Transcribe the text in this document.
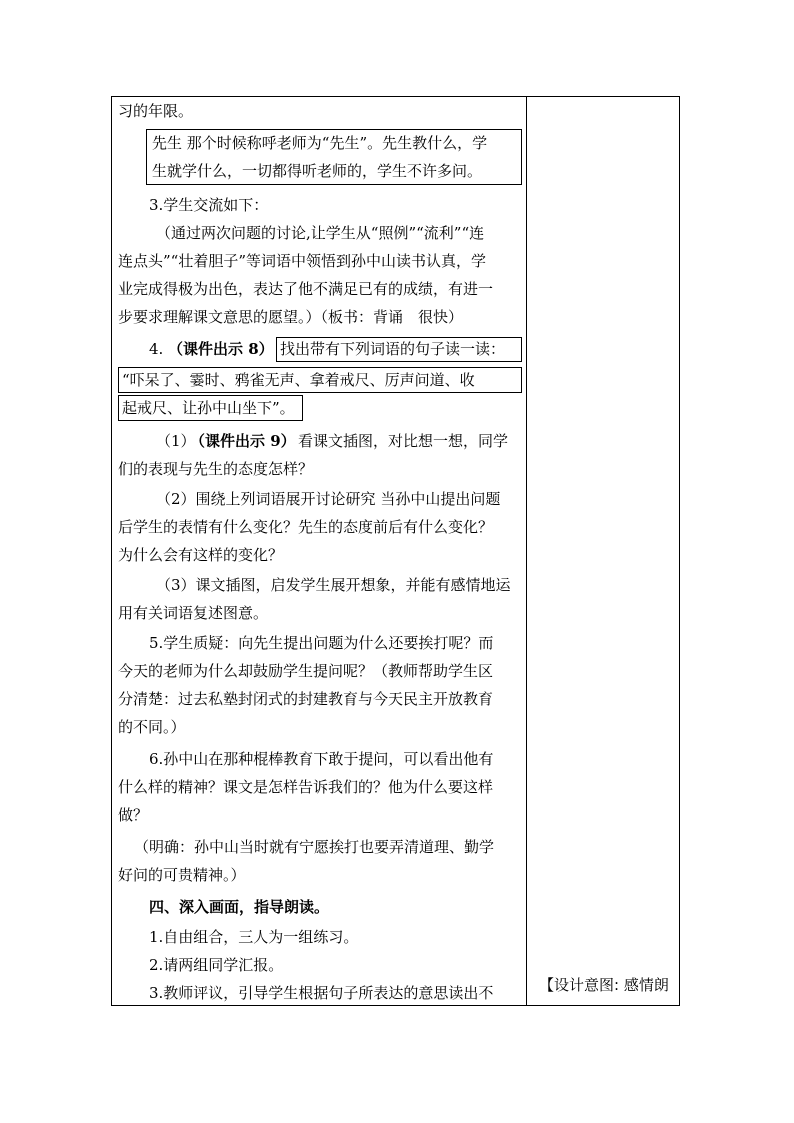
习的年限。
先生 那个时候称呼老师为“先生”。先生教什么，学
生就学什么，一切都得听老师的，学生不许多问。
3.学生交流如下：
（通过两次问题的讨论,让学生从“照例”“流利”“连
连点头”“壮着胆子”等词语中领悟到孙中山读书认真，学
业完成得极为出色，表达了他不满足已有的成绩，有进一
步要求理解课文意思的愿望。）（板书：背诵　很快）
4. （课件出示 8） 找出带有下列词语的句子读一读：
“吓呆了、霎时、鸦雀无声、拿着戒尺、厉声问道、收
起戒尺、让孙中山坐下”。
（1）
（课件出示 9） 看课文插图，对比想一想，同学
们的表现与先生的态度怎样？
（2）围绕上列词语展开讨论研究 当孙中山提出问题
后学生的表情有什么变化？先生的态度前后有什么变化？
为什么会有这样的变化？
（3）课文插图，启发学生展开想象，并能有感情地运
用有关词语复述图意。
5.学生质疑：向先生提出问题为什么还要挨打呢？而
今天的老师为什么却鼓励学生提问呢？（教师帮助学生区
分清楚：过去私塾封闭式的封建教育与今天民主开放教育
的不同。）
6.孙中山在那种棍棒教育下敢于提问，可以看出他有
什么样的精神？课文是怎样告诉我们的？他为什么要这样
做？
（明确：孙中山当时就有宁愿挨打也要弄清道理、勤学
好问的可贵精神。）
四、深入画面，指导朗读。
1.自由组合，三人为一组练习。
2.请两组同学汇报。
3.教师评议，引导学生根据句子所表达的意思读出不	【设计意图: 感情朗
